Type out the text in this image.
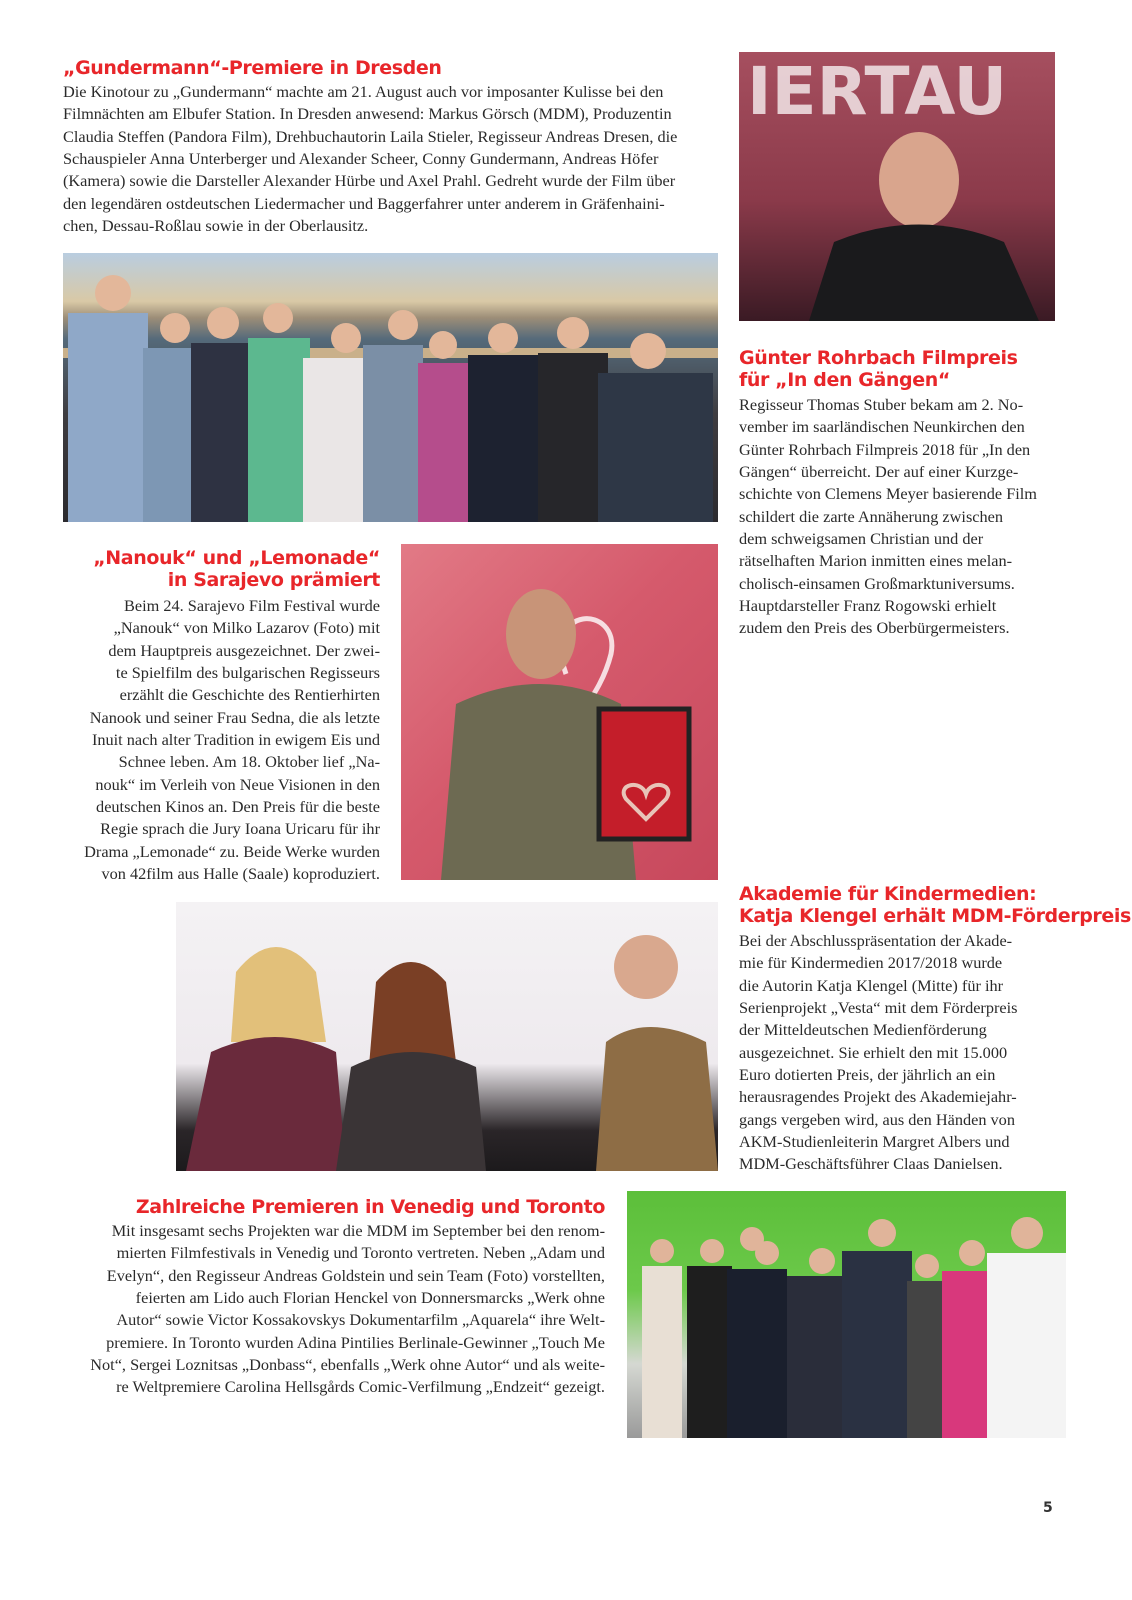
„Gundermann“-Premiere in Dresden
Die Kinotour zu „Gundermann“ machte am 21. August auch vor imposanter Kulisse bei den
Filmnächten am Elbufer Station. In Dresden anwesend: Markus Görsch (MDM), Produzentin
Claudia Steffen (Pandora Film), Drehbuchautorin Laila Stieler, Regisseur Andreas Dresen, die
Schauspieler Anna Unterberger und Alexander Scheer, Conny Gundermann, Andreas Höfer
(Kamera) sowie die Darsteller Alexander Hürbe und Axel Prahl. Gedreht wurde der Film über
den legendären ostdeutschen Liedermacher und Baggerfahrer unter anderem in Gräfenhaini-
chen, Dessau-Roßlau sowie in der Oberlausitz.
IERTAU
Günter Rohrbach Filmpreis
für „In den Gängen“
Regisseur Thomas Stuber bekam am 2. No-
vember im saarländischen Neunkirchen den
Günter Rohrbach Filmpreis 2018 für „In den
Gängen“ überreicht. Der auf einer Kurzge-
schichte von Clemens Meyer basierende Film
schildert die zarte Annäherung zwischen
dem schweigsamen Christian und der
rätselhaften Marion inmitten eines melan-
cholisch-einsamen Großmarktuniversums.
Hauptdarsteller Franz Rogowski erhielt
zudem den Preis des Oberbürgermeisters.
„Nanouk“ und „Lemonade“
in Sarajevo prämiert
Beim 24. Sarajevo Film Festival wurde
„Nanouk“ von Milko Lazarov (Foto) mit
dem Hauptpreis ausgezeichnet. Der zwei-
te Spielfilm des bulgarischen Regisseurs
erzählt die Geschichte des Rentierhirten
Nanook und seiner Frau Sedna, die als letzte
Inuit nach alter Tradition in ewigem Eis und
Schnee leben. Am 18. Oktober lief „Na-
nouk“ im Verleih von Neue Visionen in den
deutschen Kinos an. Den Preis für die beste
Regie sprach die Jury Ioana Uricaru für ihr
Drama „Lemonade“ zu. Beide Werke wurden
von 42film aus Halle (Saale) koproduziert.
Akademie für Kindermedien:
Katja Klengel erhält MDM-Förderpreis
Bei der Abschlusspräsentation der Akade-
mie für Kindermedien 2017/2018 wurde
die Autorin Katja Klengel (Mitte) für ihr
Serienprojekt „Vesta“ mit dem Förderpreis
der Mitteldeutschen Medienförderung
ausgezeichnet. Sie erhielt den mit 15.000
Euro dotierten Preis, der jährlich an ein
herausragendes Projekt des Akademiejahr-
gangs vergeben wird, aus den Händen von
AKM-Studienleiterin Margret Albers und
MDM-Geschäftsführer Claas Danielsen.
Zahlreiche Premieren in Venedig und Toronto
Mit insgesamt sechs Projekten war die MDM im September bei den renom-
mierten Filmfestivals in Venedig und Toronto vertreten. Neben „Adam und
Evelyn“, den Regisseur Andreas Goldstein und sein Team (Foto) vorstellten,
feierten am Lido auch Florian Henckel von Donnersmarcks „Werk ohne
Autor“ sowie Victor Kossakovskys Dokumentarfilm „Aquarela“ ihre Welt-
premiere. In Toronto wurden Adina Pintilies Berlinale-Gewinner „Touch Me
Not“, Sergei Loznitsas „Donbass“, ebenfalls „Werk ohne Autor“ und als weite-
re Weltpremiere Carolina Hellsgårds Comic-Verfilmung „Endzeit“ gezeigt.
5
